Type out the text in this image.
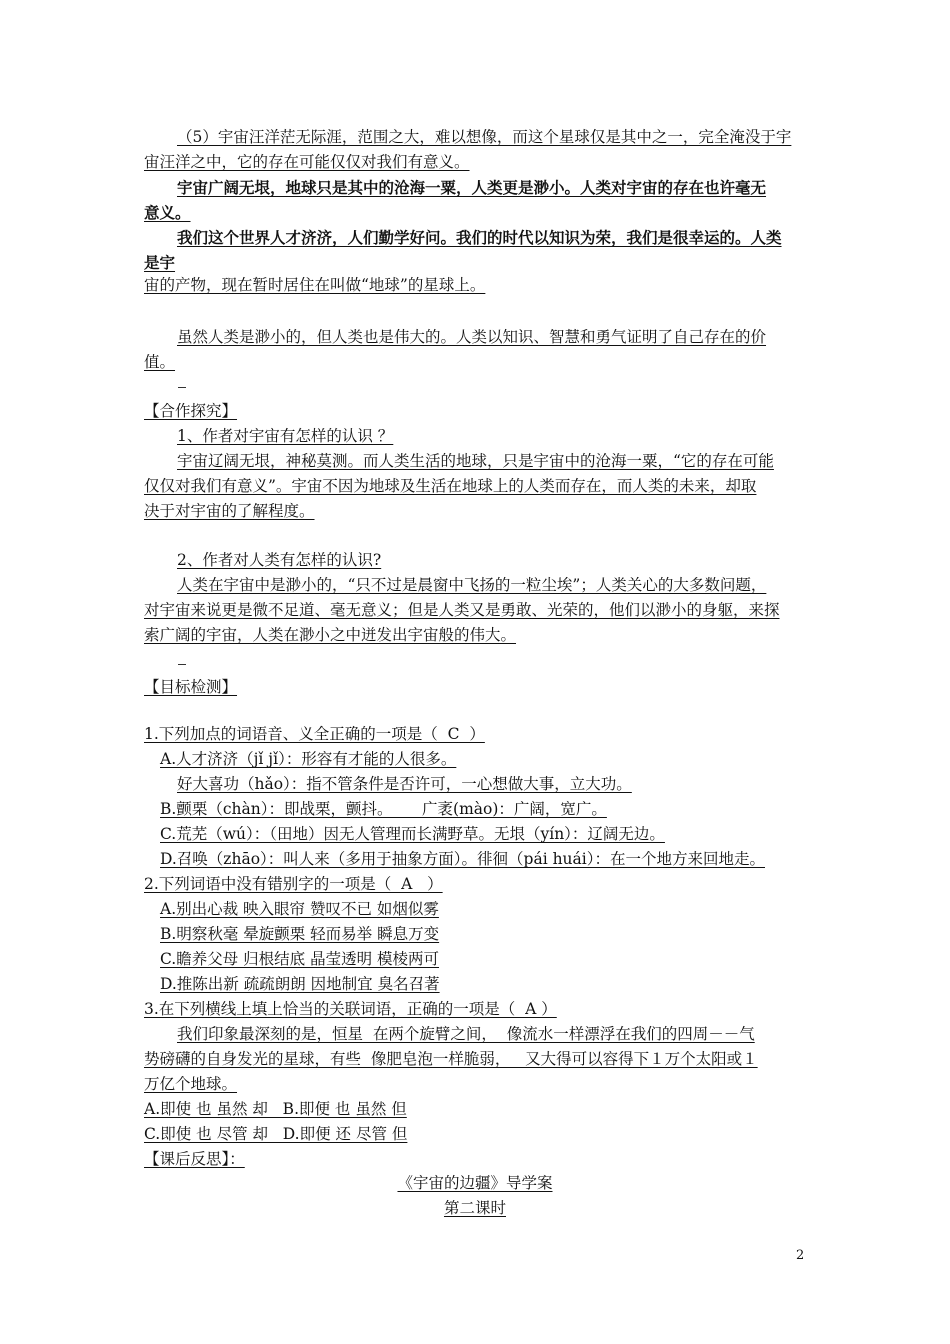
（5）宇宙汪洋茫无际涯，范围之大，难以想像，而这个星球仅是其中之一，完全淹没于宇
宙汪洋之中，它的存在可能仅仅对我们有意义。
宇宙广阔无垠，地球只是其中的沧海一粟，人类更是渺小。人类对宇宙的存在也许毫无
意义。
我们这个世界人才济济，人们勤学好问。我们的时代以知识为荣，我们是很幸运的。人类
是宇
宙的产物，现在暂时居住在叫做“地球”的星球上。
虽然人类是渺小的，但人类也是伟大的。人类以知识、智慧和勇气证明了自己存在的价
值。
【合作探究】
1、作者对宇宙有怎样的认识 ？
宇宙辽阔无垠，神秘莫测。而人类生活的地球，只是宇宙中的沧海一粟，“它的存在可能
仅仅对我们有意义”。宇宙不因为地球及生活在地球上的人类而存在，而人类的未来，却取
决于对宇宙的了解程度。
2、作者对人类有怎样的认识?
人类在宇宙中是渺小的，“只不过是晨窗中飞扬的一粒尘埃”；人类关心的大多数问题，
对宇宙来说更是微不足道、毫无意义；但是人类又是勇敢、光荣的，他们以渺小的身躯，来探
索广阔的宇宙，人类在渺小之中迸发出宇宙般的伟大。
【目标检测】
1.下列加点的词语音、义全正确的一项是（  C  ）
A.人才济济（jǐ jǐ）：形容有才能的人很多。
好大喜功（hǎo）：指不管条件是否许可，一心想做大事，立大功。
B.颤栗（chàn）：即战栗，颤抖。      广袤(mào)：广阔，宽广。
C.荒芜（wú）：（田地）因无人管理而长满野草。无垠（yín）：辽阔无边。
D.召唤（zhāo）：叫人来（多用于抽象方面）。徘徊（pái huái）：在一个地方来回地走。
2.下列词语中没有错别字的一项是（  A   ）
A.别出心裁 映入眼帘 赞叹不已 如烟似雾
B.明察秋毫 晕旋颤栗 轻而易举 瞬息万变
C.瞻养父母 归根结底 晶莹透明 模棱两可
D.推陈出新 疏疏朗朗 因地制宜 臭名召著
3.在下列横线上填上恰当的关联词语，正确的一项是（  A ）
我们印象最深刻的是，恒星  在两个旋臂之间，  像流水一样漂浮在我们的四周－－气
势磅礴的自身发光的星球，有些  像肥皂泡一样脆弱，   又大得可以容得下１万个太阳或１
万亿个地球。
A.即使 也 虽然 却   B.即便 也 虽然 但
C.即使 也 尽管 却   D.即便 还 尽管 但
【课后反思】：
《宇宙的边疆》导学案
第二课时
2
